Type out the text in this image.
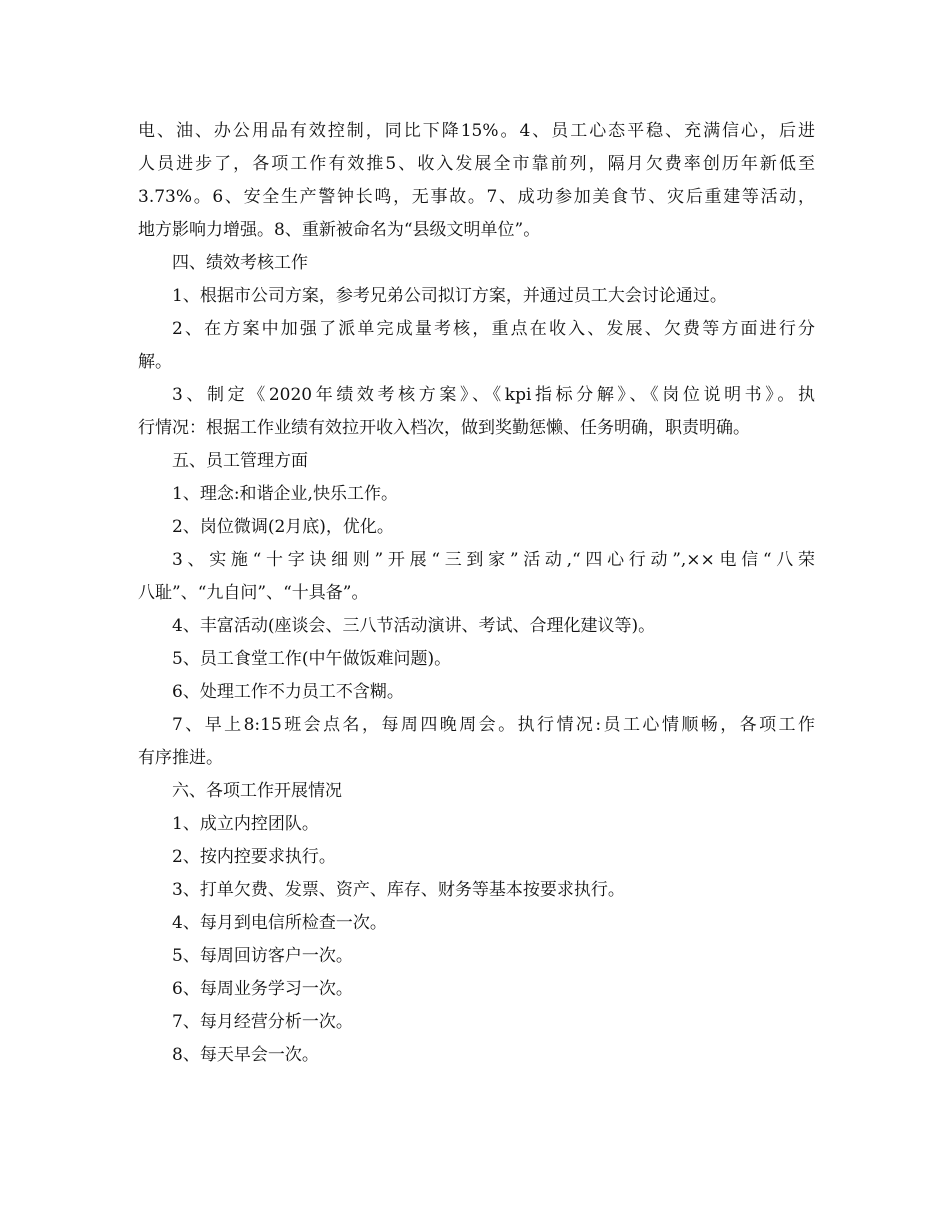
电、油、办公用品有效控制，同比下降15%。4、员工心态平稳、充满信心，后进
人员进步了，各项工作有效推5、收入发展全市靠前列，隔月欠费率创历年新低至
3.73%。6、安全生产警钟长鸣，无事故。7、成功参加美食节、灾后重建等活动，
地方影响力增强。8、重新被命名为“县级文明单位”。

四、绩效考核工作

1、根据市公司方案，参考兄弟公司拟订方案，并通过员工大会讨论通过。

2、在方案中加强了派单完成量考核，重点在收入、发展、欠费等方面进行分
解。

3、制定《2020年绩效考核方案》、《kpi指标分解》、《岗位说明书》。执
行情况：根据工作业绩有效拉开收入档次，做到奖勤惩懒、任务明确，职责明确。

五、员工管理方面

1、理念:和谐企业,快乐工作。

2、岗位微调(2月底)，优化。

3、实施“十字诀细则”开展“三到家”活动,“四心行动”,××电信“八荣
八耻”、“九自问”、“十具备”。

4、丰富活动(座谈会、三八节活动演讲、考试、合理化建议等)。

5、员工食堂工作(中午做饭难问题)。

6、处理工作不力员工不含糊。

7、早上8:15班会点名，每周四晚周会。执行情况:员工心情顺畅，各项工作
有序推进。

六、各项工作开展情况

1、成立内控团队。

2、按内控要求执行。

3、打单欠费、发票、资产、库存、财务等基本按要求执行。

4、每月到电信所检查一次。

5、每周回访客户一次。

6、每周业务学习一次。

7、每月经营分析一次。

8、每天早会一次。
